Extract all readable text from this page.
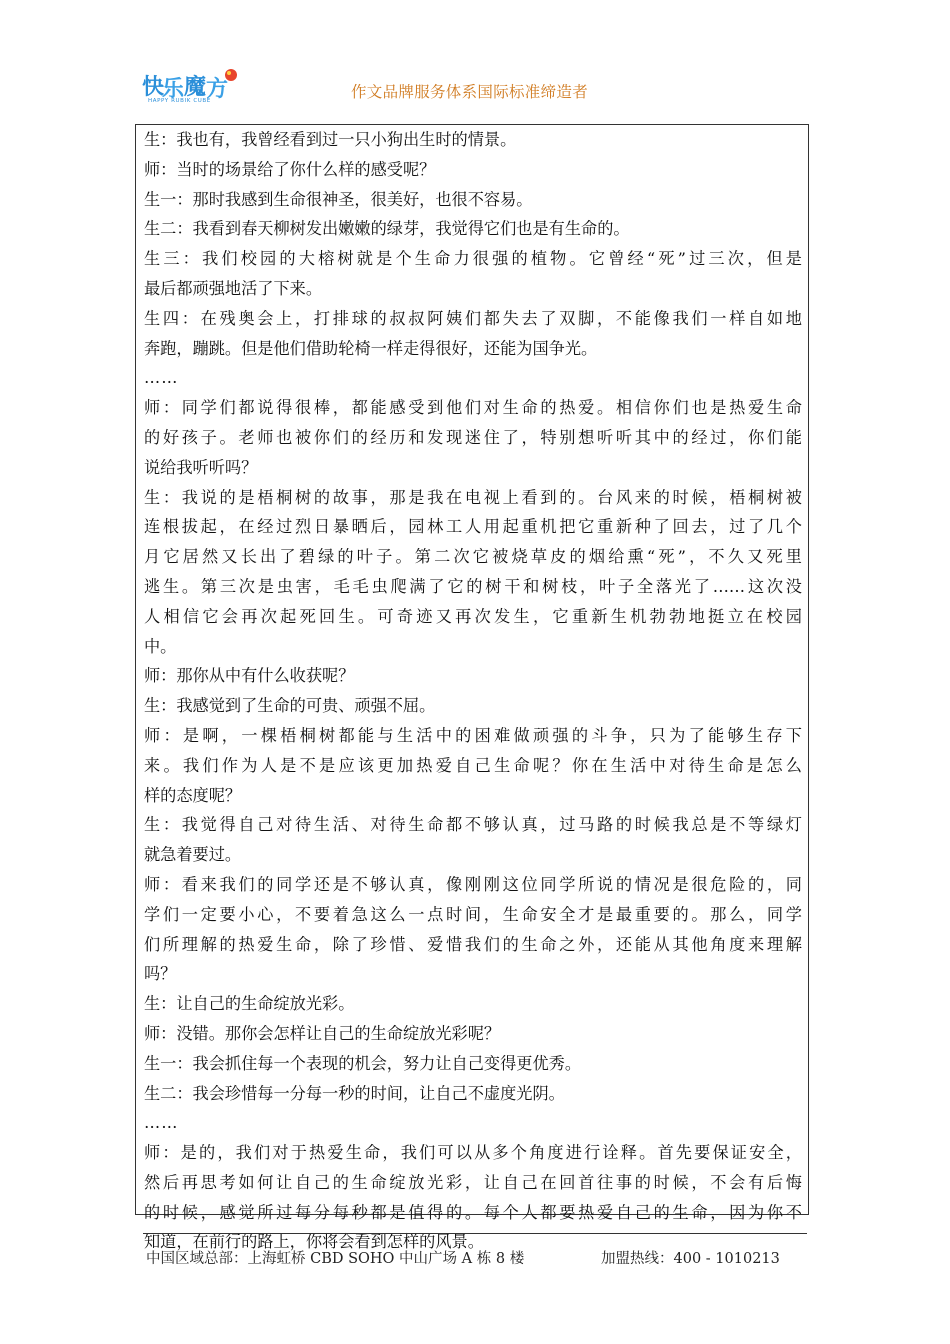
快
乐 魔 方
HAPPY RUBIK CUBE	作文品牌服务体系国际标准缔造者
生：我也有，我曾经看到过一只小狗出生时的情景。
师：当时的场景给了你什么样的感受呢？
生一：那时我感到生命很神圣，很美好，也很不容易。
生二：我看到春天柳树发出嫩嫩的绿芽，我觉得它们也是有生命的。
生三：我们校园的大榕树就是个生命力很强的植物。它曾经“死”过三次，但是
最后都顽强地活了下来。
生四：在残奥会上，打排球的叔叔阿姨们都失去了双脚，不能像我们一样自如地
奔跑，蹦跳。但是他们借助轮椅一样走得很好，还能为国争光。
……
师：同学们都说得很棒，都能感受到他们对生命的热爱。相信你们也是热爱生命
的好孩子。老师也被你们的经历和发现迷住了，特别想听听其中的经过，你们能
说给我听听吗？
生：我说的是梧桐树的故事，那是我在电视上看到的。台风来的时候，梧桐树被
连根拔起，在经过烈日暴晒后，园林工人用起重机把它重新种了回去，过了几个
月它居然又长出了碧绿的叶子。第二次它被烧草皮的烟给熏“死”，不久又死里
逃生。第三次是虫害，毛毛虫爬满了它的树干和树枝，叶子全落光了……这次没
人相信它会再次起死回生。可奇迹又再次发生，它重新生机勃勃地挺立在校园
中。
师：那你从中有什么收获呢？
生：我感觉到了生命的可贵、顽强不屈。
师：是啊，一棵梧桐树都能与生活中的困难做顽强的斗争，只为了能够生存下
来。我们作为人是不是应该更加热爱自己生命呢？你在生活中对待生命是怎么
样的态度呢？
生：我觉得自己对待生活、对待生命都不够认真，过马路的时候我总是不等绿灯
就急着要过。
师：看来我们的同学还是不够认真，像刚刚这位同学所说的情况是很危险的，同
学们一定要小心，不要着急这么一点时间，生命安全才是最重要的。那么，同学
们所理解的热爱生命，除了珍惜、爱惜我们的生命之外，还能从其他角度来理解
吗？
生：让自己的生命绽放光彩。
师：没错。那你会怎样让自己的生命绽放光彩呢？
生一：我会抓住每一个表现的机会，努力让自己变得更优秀。
生二：我会珍惜每一分每一秒的时间，让自己不虚度光阴。
……
师：是的，我们对于热爱生命，我们可以从多个角度进行诠释。首先要保证安全，
然后再思考如何让自己的生命绽放光彩，让自己在回首往事的时候，不会有后悔
的时候，感觉所过每分每秒都是值得的。每个人都要热爱自己的生命，因为你不
知道，在前行的路上，你将会看到怎样的风景。
中国区域总部：上海虹桥 CBD SOHO 中山广场 A 栋 8 楼	加盟热线：400 - 1010213
